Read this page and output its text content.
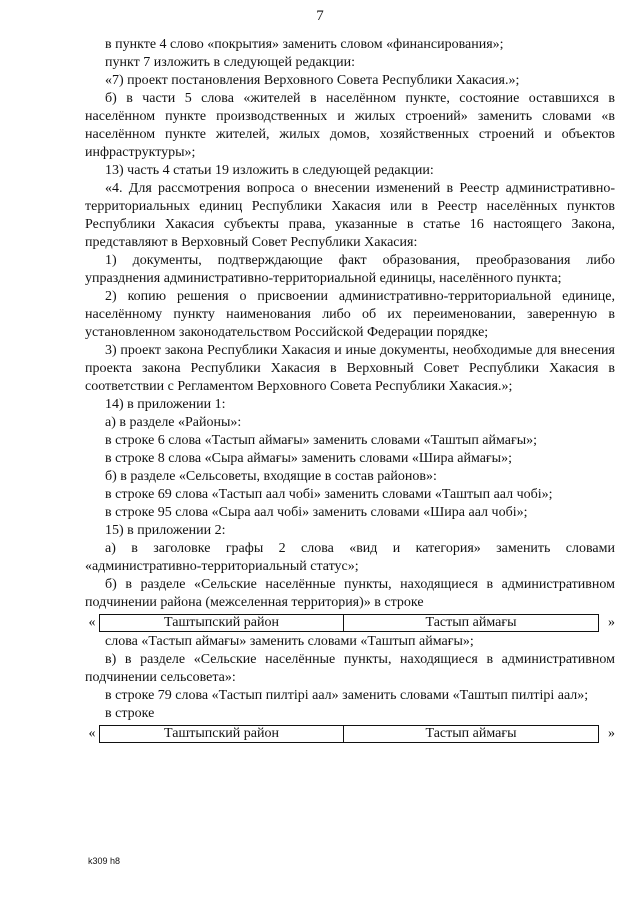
7

в пункте 4 слово «покрытия» заменить словом «финансирования»;

пункт 7 изложить в следующей редакции:

«7) проект постановления Верховного Совета Республики Хакасия.»;

б) в части 5 слова «жителей в населённом пункте, состояние оставшихся в населённом пункте производственных и жилых строений» заменить словами «в населённом пункте жителей, жилых домов, хозяйственных строений и объектов инфраструктуры»;

13) часть 4 статьи 19 изложить в следующей редакции:

«4. Для рассмотрения вопроса о внесении изменений в Реестр административно-территориальных единиц Республики Хакасия или в Реестр населённых пунктов Республики Хакасия субъекты права, указанные в статье 16 настоящего Закона, представляют в Верховный Совет Республики Хакасия:

1) документы, подтверждающие факт образования, преобразования либо упразднения административно-территориальной единицы, населённого пункта;

2) копию решения о присвоении административно-территориальной единице, населённому пункту наименования либо об их переименовании, заверенную в установленном законодательством Российской Федерации порядке;

3) проект закона Республики Хакасия и иные документы, необходимые для внесения проекта закона Республики Хакасия в Верховный Совет Республики Хакасия в соответствии с Регламентом Верховного Совета Республики Хакасия.»;

14) в приложении 1:

а) в разделе «Районы»:

в строке 6 слова «Тастып аймағы» заменить словами «Таштып аймағы»;

в строке 8 слова «Сыра аймағы» заменить словами «Шира аймағы»;

б) в разделе «Сельсоветы, входящие в состав районов»:

в строке 69 слова «Тастып аал чобі» заменить словами «Таштып аал чобі»;

в строке 95 слова «Сыра аал чобі» заменить словами «Шира аал чобі»;

15) в приложении 2:

а) в заголовке графы 2 слова «вид и категория» заменить словами «административно-территориальный статус»;

б) в разделе «Сельские населённые пункты, находящиеся в административном подчинении района (межселенная территория)» в строке

«	Таштыпский район	Тастып аймағы	»

слова «Тастып аймағы» заменить словами «Таштып аймағы»;

в) в разделе «Сельские населённые пункты, находящиеся в административном подчинении сельсовета»:

в строке 79 слова «Тастып пилтірі аал» заменить словами «Таштып пилтірі аал»;

в строке

«	Таштыпский район	Тастып аймағы	»
k309 h8
